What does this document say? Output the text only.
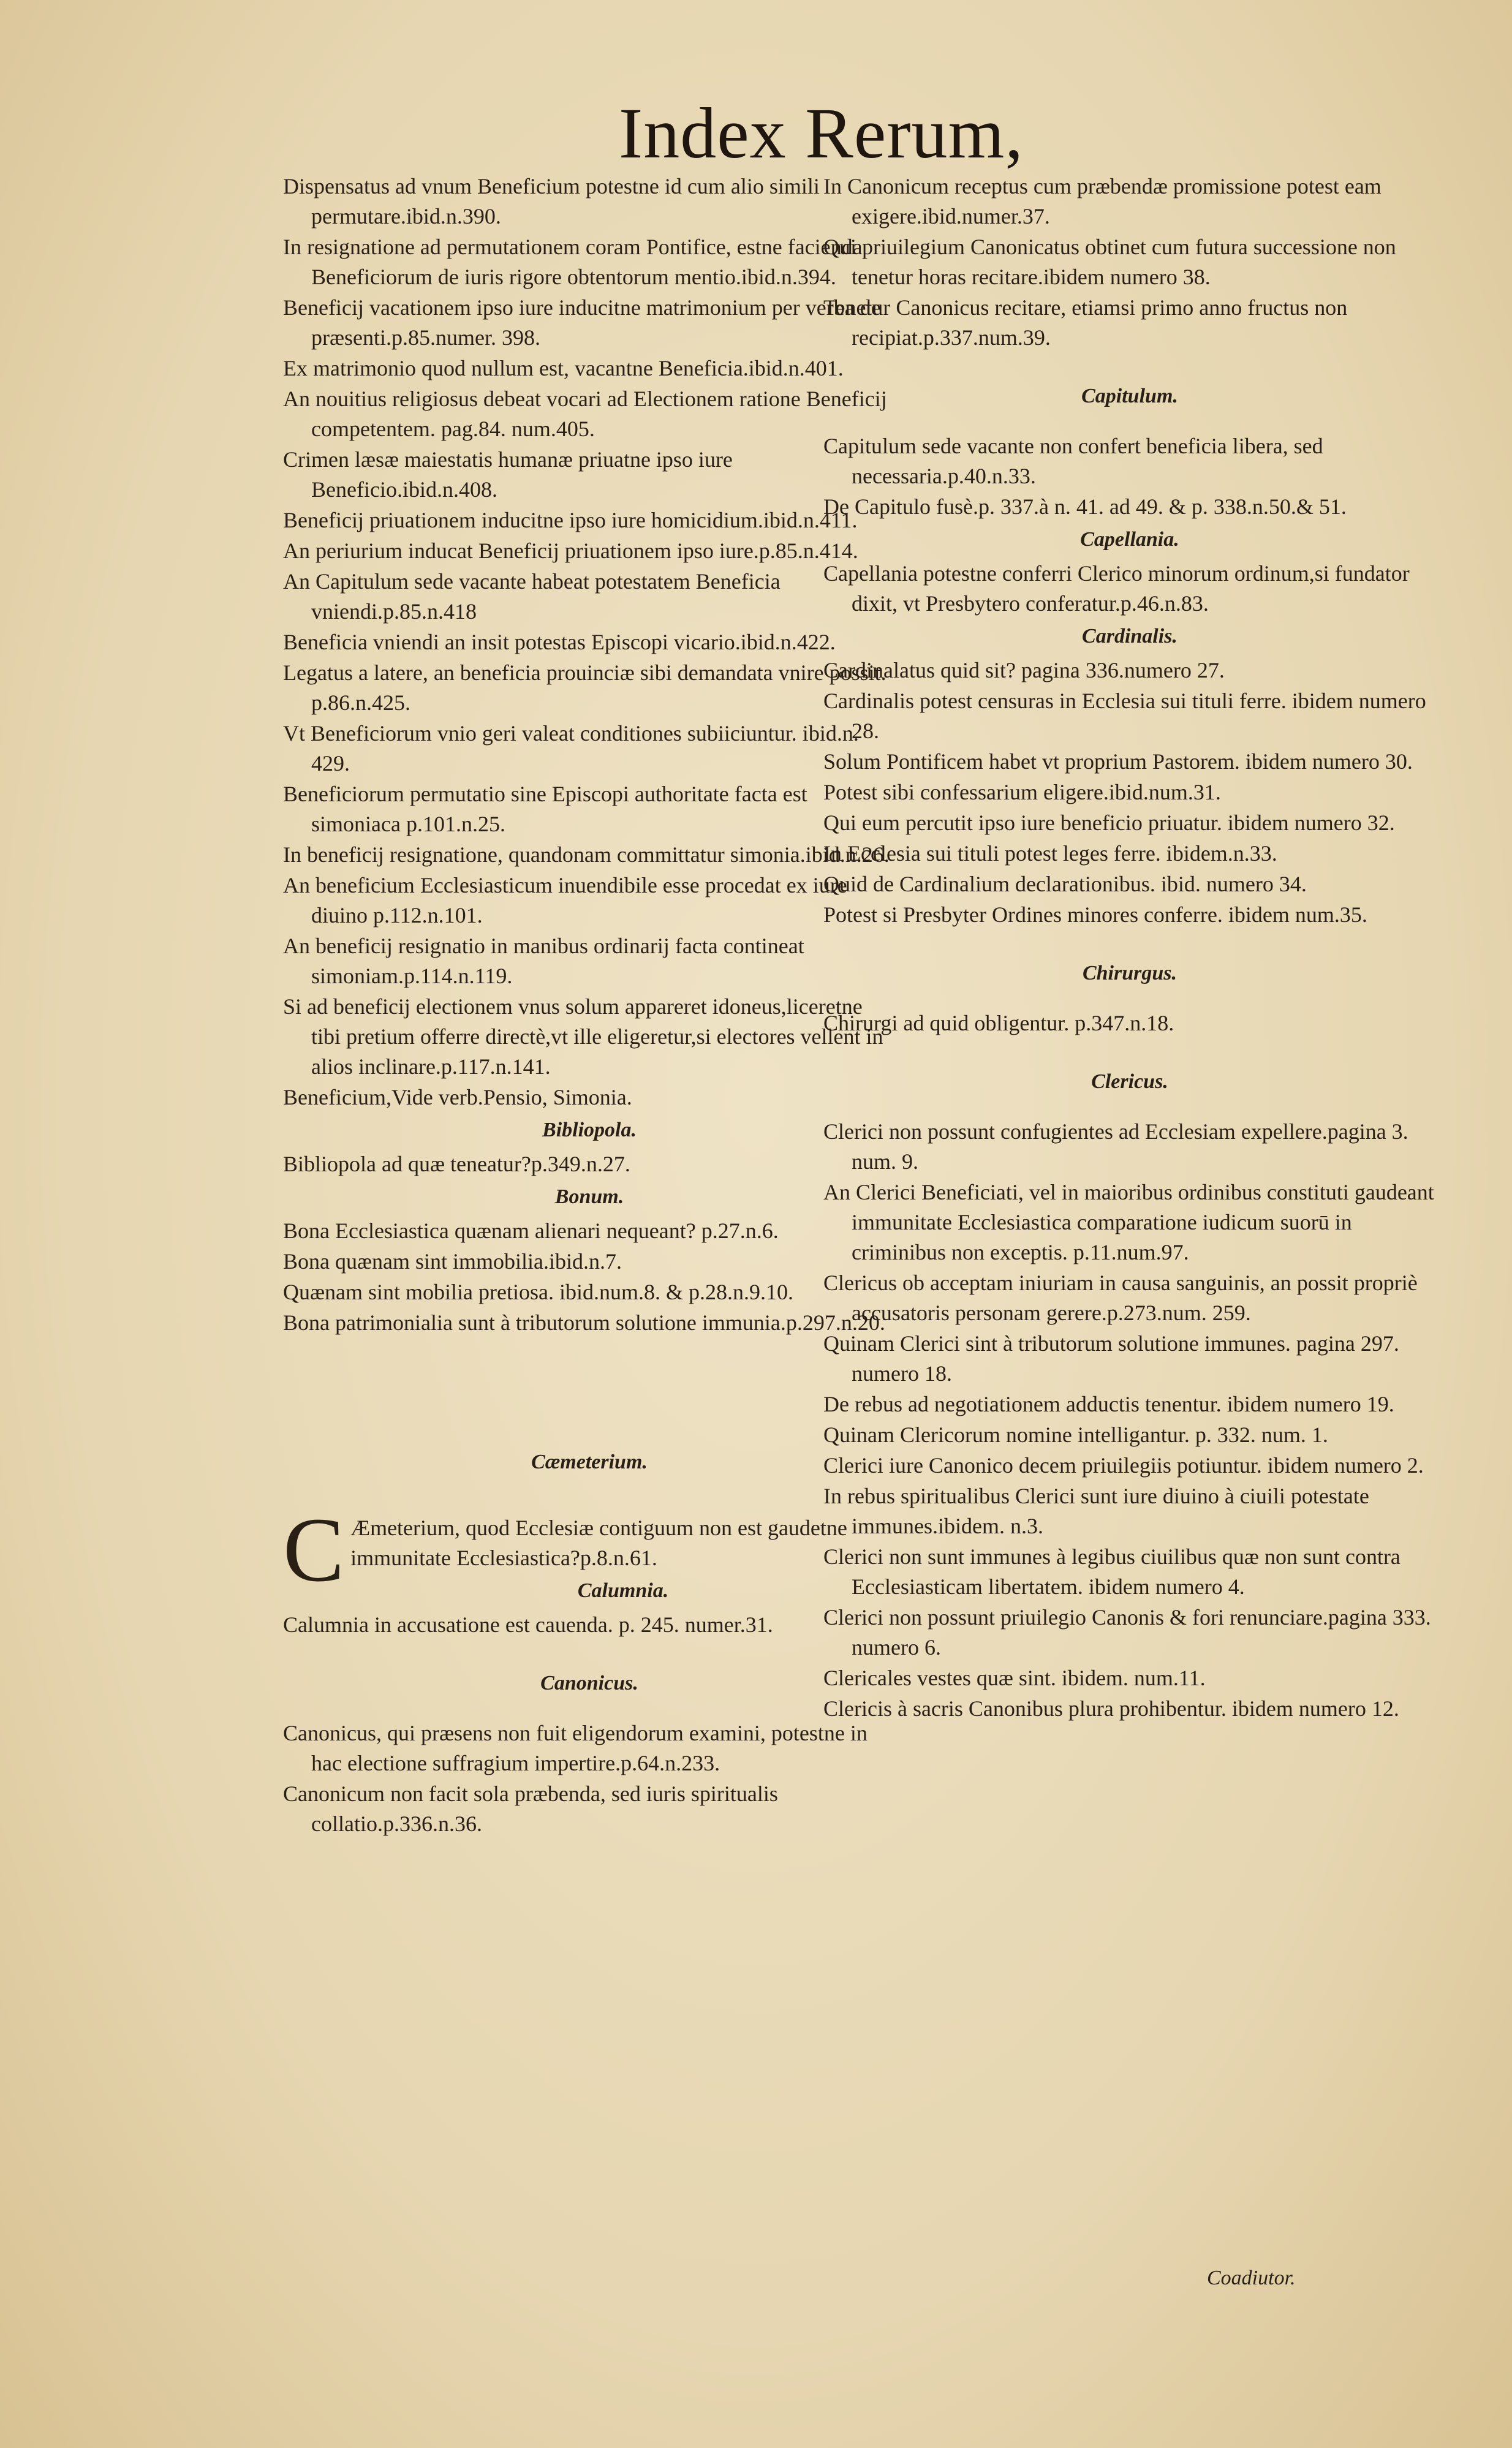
Index Rerum,

Dispensatus ad vnum Beneficium potestne id cum alio simili permutare.ibid.n.390.

In resignatione ad permutationem coram Pontifice, estne facienda Beneficiorum de iuris rigore obtentorum mentio.ibid.n.394.

Beneficij vacationem ipso iure inducitne matrimonium per verba de præsenti.p.85.numer. 398.

Ex matrimonio quod nullum est, vacantne Beneficia.ibid.n.401.

An nouitius religiosus debeat vocari ad Electionem ratione Beneficij competentem. pag.84. num.405.

Crimen læsæ maiestatis humanæ priuatne ipso iure Beneficio.ibid.n.408.

Beneficij priuationem inducitne ipso iure homicidium.ibid.n.411.

An periurium inducat Beneficij priuationem ipso iure.p.85.n.414.

An Capitulum sede vacante habeat potestatem Beneficia vniendi.p.85.n.418

Beneficia vniendi an insit potestas Episcopi vicario.ibid.n.422.

Legatus a latere, an beneficia prouinciæ sibi demandata vnire possit. p.86.n.425.

Vt Beneficiorum vnio geri valeat conditiones subiiciuntur. ibid.n. 429.

Beneficiorum permutatio sine Episcopi authoritate facta est simoniaca p.101.n.25.

In beneficij resignatione, quandonam committatur simonia.ibid.n.26.

An beneficium Ecclesiasticum inuendibile esse procedat ex iure diuino p.112.n.101.

An beneficij resignatio in manibus ordinarij facta contineat simoniam.p.114.n.119.

Si ad beneficij electionem vnus solum appareret idoneus,liceretne tibi pretium offerre directè,vt ille eligeretur,si electores vellent in alios inclinare.p.117.n.141.

Beneficium,Vide verb.Pensio, Simonia.

Bibliopola.

Bibliopola ad quæ teneatur?p.349.n.27.

Bonum.

Bona Ecclesiastica quænam alienari nequeant? p.27.n.6.

Bona quænam sint immobilia.ibid.n.7.

Quænam sint mobilia pretiosa. ibid.num.8. & p.28.n.9.10.

Bona patrimonialia sunt à tributorum solutione immunia.p.297.n.20.

Cæmeterium.

C Æmeterium, quod Ecclesiæ contiguum non est gaudetne immunitate Ecclesiastica?p.8.n.61.

Calumnia.

Calumnia in accusatione est cauenda. p. 245. numer.31.

Canonicus.

Canonicus, qui præsens non fuit eligendorum examini, potestne in hac electione suffragium impertire.p.64.n.233.

Canonicum non facit sola præbenda, sed iuris spiritualis collatio.p.336.n.36.

In Canonicum receptus cum præbendæ promissione potest eam exigere.ibid.numer.37.

Qui priuilegium Canonicatus obtinet cum futura successione non tenetur horas recitare.ibidem numero 38.

Tenetur Canonicus recitare, etiamsi primo anno fructus non recipiat.p.337.num.39.

Capitulum.

Capitulum sede vacante non confert beneficia libera, sed necessaria.p.40.n.33.

De Capitulo fusè.p. 337.à n. 41. ad 49. & p. 338.n.50.& 51.

Capellania.

Capellania potestne conferri Clerico minorum ordinum,si fundator dixit, vt Presbytero conferatur.p.46.n.83.

Cardinalis.

Cardinalatus quid sit? pagina 336.numero 27.

Cardinalis potest censuras in Ecclesia sui tituli ferre. ibidem numero 28.

Solum Pontificem habet vt proprium Pastorem. ibidem numero 30.

Potest sibi confessarium eligere.ibid.num.31.

Qui eum percutit ipso iure beneficio priuatur. ibidem numero 32.

In Ecclesia sui tituli potest leges ferre. ibidem.n.33.

Quid de Cardinalium declarationibus. ibid. numero 34.

Potest si Presbyter Ordines minores conferre. ibidem num.35.

Chirurgus.

Chirurgi ad quid obligentur. p.347.n.18.

Clericus.

Clerici non possunt confugientes ad Ecclesiam expellere.pagina 3. num. 9.

An Clerici Beneficiati, vel in maioribus ordinibus constituti gaudeant immunitate Ecclesiastica comparatione iudicum suorū in criminibus non exceptis. p.11.num.97.

Clericus ob acceptam iniuriam in causa sanguinis, an possit propriè accusatoris personam gerere.p.273.num. 259.

Quinam Clerici sint à tributorum solutione immunes. pagina 297. numero 18.

De rebus ad negotiationem adductis tenentur. ibidem numero 19.

Quinam Clericorum nomine intelligantur. p. 332. num. 1.

Clerici iure Canonico decem priuilegiis potiuntur. ibidem numero 2.

In rebus spiritualibus Clerici sunt iure diuino à ciuili potestate immunes.ibidem. n.3.

Clerici non sunt immunes à legibus ciuilibus quæ non sunt contra Ecclesiasticam libertatem. ibidem numero 4.

Clerici non possunt priuilegio Canonis & fori renunciare.pagina 333. numero 6.

Clericales vestes quæ sint. ibidem. num.11.

Clericis à sacris Canonibus plura prohibentur. ibidem numero 12.

Coadiutor.
